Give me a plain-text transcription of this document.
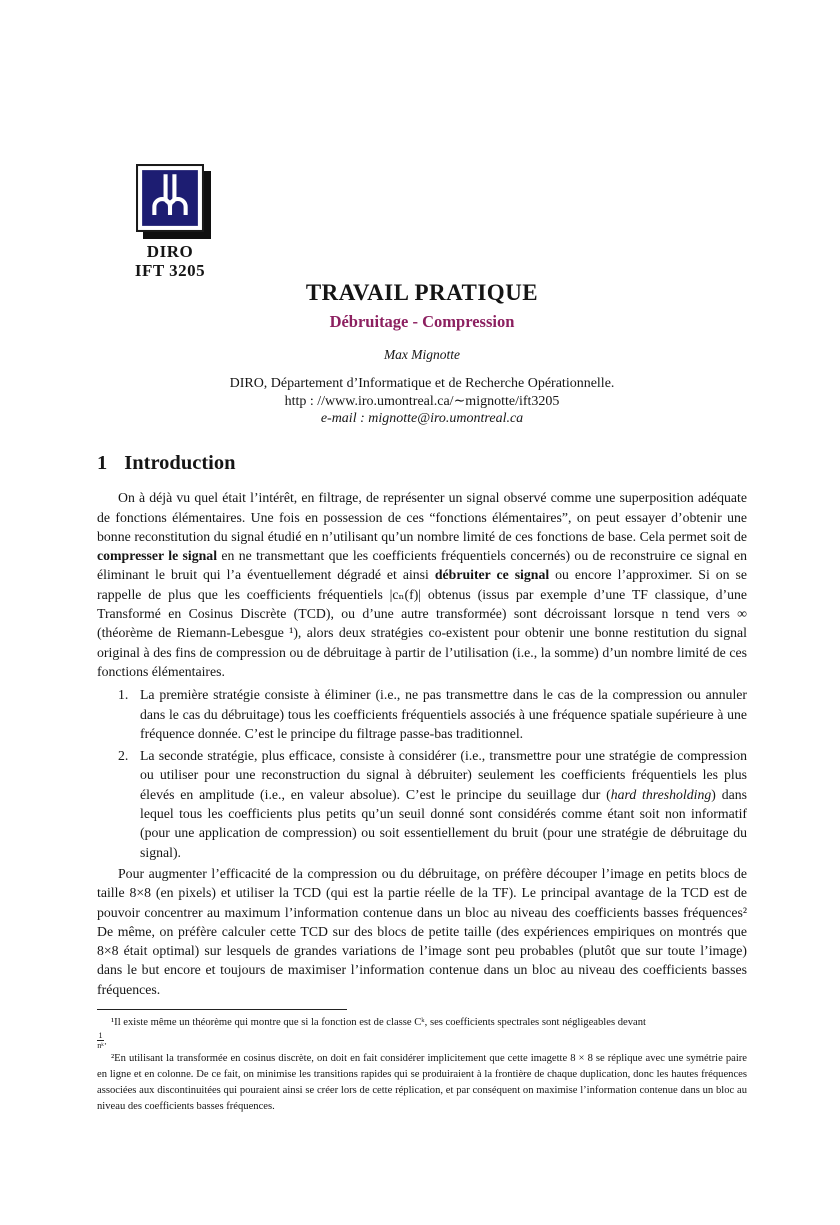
DIRO
IFT 3205
TRAVAIL PRATIQUE
Débruitage - Compression
Max Mignotte
DIRO, Département d’Informatique et de Recherche Opérationnelle.
http : //www.iro.umontreal.ca/∼mignotte/ift3205
e-mail : mignotte@iro.umontreal.ca
1 Introduction

On à déjà vu quel était l’intérêt, en filtrage, de représenter un signal observé comme une superposition adéquate de fonctions élémentaires. Une fois en possession de ces “fonctions élémentaires”, on peut essayer d’obtenir une bonne reconstitution du signal étudié en n’utilisant qu’un nombre limité de ces fonctions de base. Cela permet soit de compresser le signal en ne transmettant que les coefficients fréquentiels concernés) ou de reconstruire ce signal en éliminant le bruit qui l’a éventuellement dégradé et ainsi débruiter ce signal ou encore l’approximer. Si on se rappelle de plus que les coefficients fréquentiels |cₙ(f)| obtenus (issus par exemple d’une TF classique, d’une Transformé en Cosinus Discrète (TCD), ou d’une autre transformée) sont décroissant lorsque n tend vers ∞ (théorème de Riemann-Lebesgue ¹), alors deux stratégies co-existent pour obtenir une bonne restitution du signal original à des fins de compression ou de débruitage à partir de l’utilisation (i.e., la somme) d’un nombre limité de ces fonctions élémentaires.

1. La première stratégie consiste à éliminer (i.e., ne pas transmettre dans le cas de la compression ou annuler dans le cas du débruitage) tous les coefficients fréquentiels associés à une fréquence spatiale supérieure à une fréquence donnée. C’est le principe du filtrage passe-bas traditionnel.
2. La seconde stratégie, plus efficace, consiste à considérer (i.e., transmettre pour une stratégie de compression ou utiliser pour une reconstruction du signal à débruiter) seulement les coefficients fréquentiels les plus élevés en amplitude (i.e., en valeur absolue). C’est le principe du seuillage dur (hard thresholding) dans lequel tous les coefficients plus petits qu’un seuil donné sont considérés comme étant soit non informatif (pour une application de compression) ou soit essentiellement du bruit (pour une stratégie de débruitage du signal).

Pour augmenter l’efficacité de la compression ou du débruitage, on préfère découper l’image en petits blocs de taille 8×8 (en pixels) et utiliser la TCD (qui est la partie réelle de la TF). Le principal avantage de la TCD est de pouvoir concentrer au maximum l’information contenue dans un bloc au niveau des coefficients basses fréquences² De même, on préfère calculer cette TCD sur des blocs de petite taille (des expériences empiriques on montrés que 8×8 était optimal) sur lesquels de grandes variations de l’image sont peu probables (plutôt que sur toute l’image) dans le but encore et toujours de maximiser l’information contenue dans un bloc au niveau des coefficients basses fréquences.

¹Il existe même un théorème qui montre que si la fonction est de classe Cᵏ, ses coefficients spectrales sont négligeables devant

$\frac{1}{\text{nᵏ}}$ .

²En utilisant la transformée en cosinus discrète, on doit en fait considérer implicitement que cette imagette 8 × 8 se réplique avec une symétrie paire en ligne et en colonne. De ce fait, on minimise les transitions rapides qui se produiraient à la frontière de chaque duplication, donc les hautes fréquences associées aux discontinuitées qui pouraient ainsi se créer lors de cette réplication, et par conséquent on maximise l’information contenue dans un bloc au niveau des coefficients basses fréquences.
